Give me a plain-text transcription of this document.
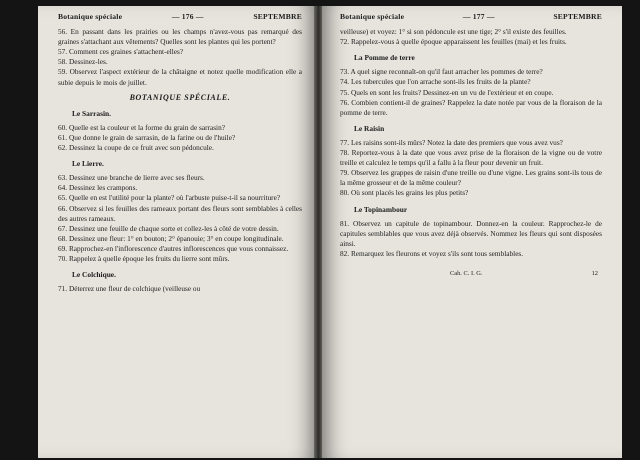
Botanique spéciale	— 176 —	SEPTEMBRE

56. En passant dans les prairies ou les champs n'avez-vous pas remarqué des graines s'attachant aux vêtements? Quelles sont les plantes qui les portent?

57. Comment ces graines s'attachent-elles?

58. Dessinez-les.

59. Observez l'aspect extérieur de la châtaigne et notez quelle modification elle a subie depuis le mois de juillet.

BOTANIQUE SPÉCIALE.
Le Sarrasin.

60. Quelle est la couleur et la forme du grain de sarrasin?

61. Que donne le grain de sarrasin, de la farine ou de l'huile?

62. Dessinez la coupe de ce fruit avec son pédoncule.

Le Lierre.

63. Dessinez une branche de lierre avec ses fleurs.

64. Dessinez les crampons.

65. Quelle en est l'utilité pour la plante? où l'arbuste puise-t-il sa nourriture?

66. Observez si les feuilles des rameaux portant des fleurs sont semblables à celles des autres rameaux.

67. Dessinez une feuille de chaque sorte et collez-les à côté de votre dessin.

68. Dessinez une fleur: 1° en bouton; 2° épanouie; 3° en coupe longitudinale.

69. Rapprochez-en l'inflorescence d'autres inflorescences que vous connaissez.

70. Rappelez à quelle époque les fruits du lierre sont mûrs.

Le Colchique.

71. Déterrez une fleur de colchique (veilleuse ou

Botanique spéciale	— 177 —	SEPTEMBRE

veilleuse) et voyez: 1° si son pédoncule est une tige; 2° s'il existe des feuilles.

72. Rappelez-vous à quelle époque apparaissent les feuilles (mai) et les fruits.

La Pomme de terre

73. A quel signe reconnaît-on qu'il faut arracher les pommes de terre?

74. Les tubercules que l'on arrache sont-ils les fruits de la plante?

75. Quels en sont les fruits? Dessinez-en un vu de l'extérieur et en coupe.

76. Combien contient-il de graines? Rappelez la date notée par vous de la floraison de la pomme de terre.

Le Raisin

77. Les raisins sont-ils mûrs? Notez la date des premiers que vous avez vus?

78. Reportez-vous à la date que vous avez prise de la floraison de la vigne ou de votre treille et calculez le temps qu'il a fallu à la fleur pour devenir un fruit.

79. Observez les grappes de raisin d'une treille ou d'une vigne. Les grains sont-ils tous de la même grosseur et de la même couleur?

80. Où sont placés les grains les plus petits?

Le Topinambour

81. Observez un capitule de topinambour. Donnez-en la couleur. Rapprochez-le de capitules semblables que vous avez déjà observés. Nommez les fleurs qui sont disposées ainsi.

82. Remarquez les fleurons et voyez s'ils sont tous semblables.

Cah. C. I. G.	12
